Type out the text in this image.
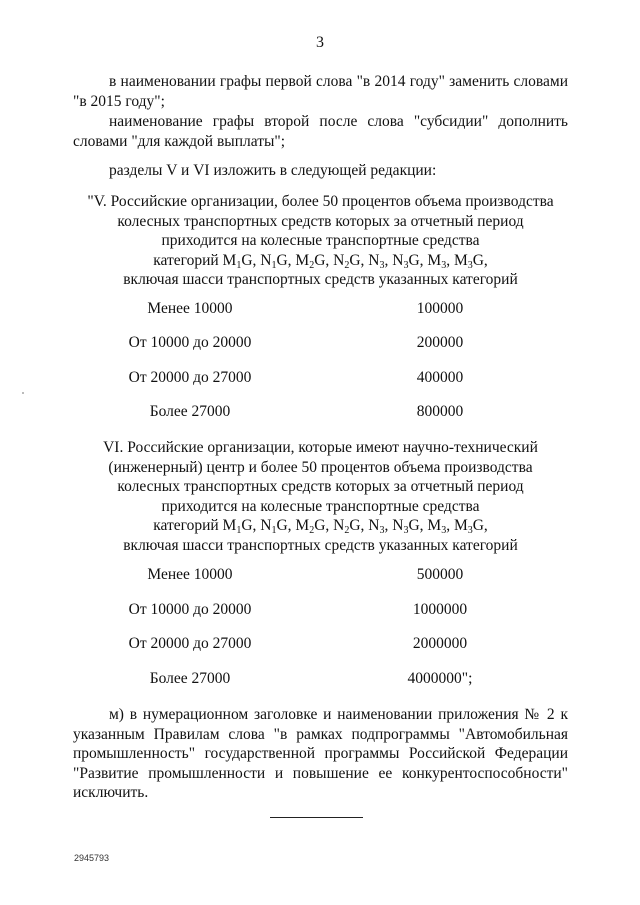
3
в наименовании графы первой слова "в 2014 году" заменить словами "в 2015 году";
наименование графы второй после слова "субсидии" дополнить словами "для каждой выплаты";
разделы V и VI изложить в следующей редакции:
"V. Российские организации, более 50 процентов объема производства
колесных транспортных средств которых за отчетный период
приходится на колесные транспортные средства
категорий $M_1G$, $N_1G$, $M_2G$, $N_2G$, $N_3$, $N_3G$, $M_3$, $M_3G$,
включая шасси транспортных средств указанных категорий
Менее 10000	100000
От 10000 до 20000	200000
От 20000 до 27000	400000
Более 27000	800000
VI. Российские организации, которые имеют научно-технический
(инженерный) центр и более 50 процентов объема производства
колесных транспортных средств которых за отчетный период
приходится на колесные транспортные средства
категорий $M_1G$, $N_1G$, $M_2G$, $N_2G$, $N_3$, $N_3G$, $M_3$, $M_3G$,
включая шасси транспортных средств указанных категорий
Менее 10000	500000
От 10000 до 20000	1000000
От 20000 до 27000	2000000
Более 27000	4000000";
м) в нумерационном заголовке и наименовании приложения № 2 к указанным Правилам слова "в рамках подпрограммы "Автомобильная промышленность" государственной программы Российской Федерации "Развитие промышленности и повышение ее конкурентоспособности" исключить.
2945793
